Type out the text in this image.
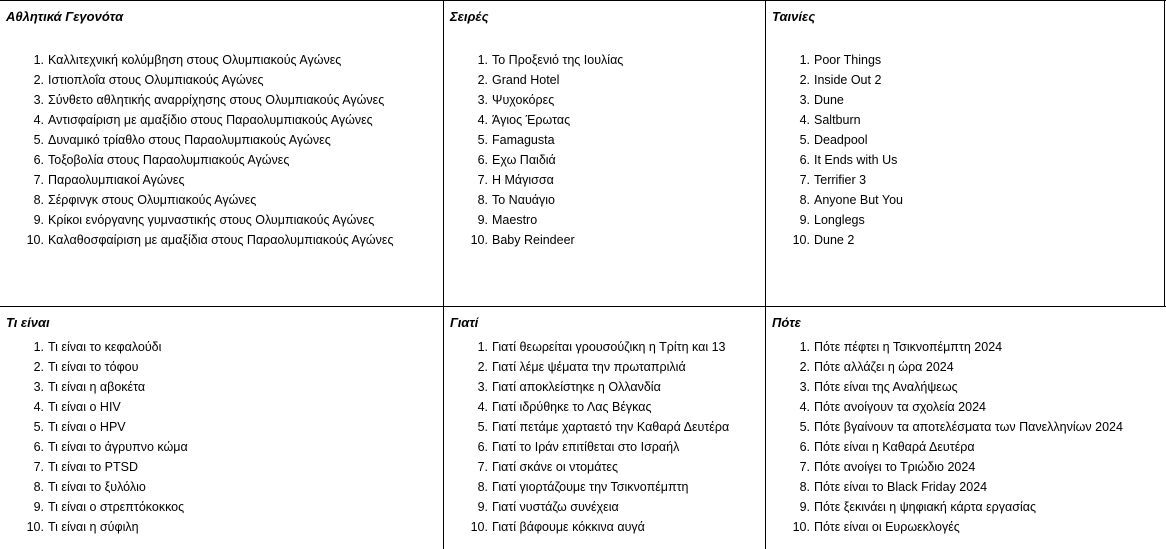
Αθλητικά Γεγονότα
1. Καλλιτεχνική κολύμβηση στους Ολυμπιακούς Αγώνες
2. Ιστιοπλοΐα στους Ολυμπιακούς Αγώνες
3. Σύνθετο αθλητικής αναρρίχησης στους Ολυμπιακούς Αγώνες
4. Αντισφαίριση με αμαξίδιο στους Παραολυμπιακούς Αγώνες
5. Δυναμικό τρίαθλο στους Παραολυμπιακούς Αγώνες
6. Τοξοβολία στους Παραολυμπιακούς Αγώνες
7. Παραολυμπιακοί Αγώνες
8. Σέρφινγκ στους Ολυμπιακούς Αγώνες
9. Κρίκοι ενόργανης γυμναστικής στους Ολυμπιακούς Αγώνες
10. Καλαθοσφαίριση με αμαξίδια στους Παραολυμπιακούς Αγώνες
Σειρές
1. Το Προξενιό της Ιουλίας
2. Grand Hotel
3. Ψυχοκόρες
4. Άγιος Έρωτας
5. Famagusta
6. Εχω Παιδιά
7. Η Μάγισσα
8. Το Ναυάγιο
9. Maestro
10. Baby Reindeer
Ταινίες
1. Poor Things
2. Inside Out 2
3. Dune
4. Saltburn
5. Deadpool
6. It Ends with Us
7. Terrifier 3
8. Anyone But You
9. Longlegs
10. Dune 2
Τι είναι
1. Τι είναι το κεφαλούδι
2. Τι είναι το τόφου
3. Τι είναι η αβοκέτα
4. Τι είναι ο HIV
5. Τι είναι ο HPV
6. Τι είναι το άγρυπνο κώμα
7. Τι είναι το PTSD
8. Τι είναι το ξυλόλιο
9. Τι είναι ο στρεπτόκοκκος
10. Τι είναι η σύφιλη
Γιατί
1. Γιατί θεωρείται γρουσούζικη η Τρίτη και 13
2. Γιατί λέμε ψέματα την πρωταπριλιά
3. Γιατί αποκλείστηκε η Ολλανδία
4. Γιατί ιδρύθηκε το Λας Βέγκας
5. Γιατί πετάμε χαρταετό την Καθαρά Δευτέρα
6. Γιατί το Ιράν επιτίθεται στο Ισραήλ
7. Γιατί σκάνε οι ντομάτες
8. Γιατί γιορτάζουμε την Τσικνοπέμπτη
9. Γιατί νυστάζω συνέχεια
10. Γιατί βάφουμε κόκκινα αυγά
Πότε
1. Πότε πέφτει η Τσικνοπέμπτη 2024
2. Πότε αλλάζει η ώρα 2024
3. Πότε είναι της Αναλήψεως
4. Πότε ανοίγουν τα σχολεία 2024
5. Πότε βγαίνουν τα αποτελέσματα των Πανελληνίων 2024
6. Πότε είναι η Καθαρά Δευτέρα
7. Πότε ανοίγει το Τριώδιο 2024
8. Πότε είναι το Black Friday 2024
9. Πότε ξεκινάει η ψηφιακή κάρτα εργασίας
10. Πότε είναι οι Ευρωεκλογές
